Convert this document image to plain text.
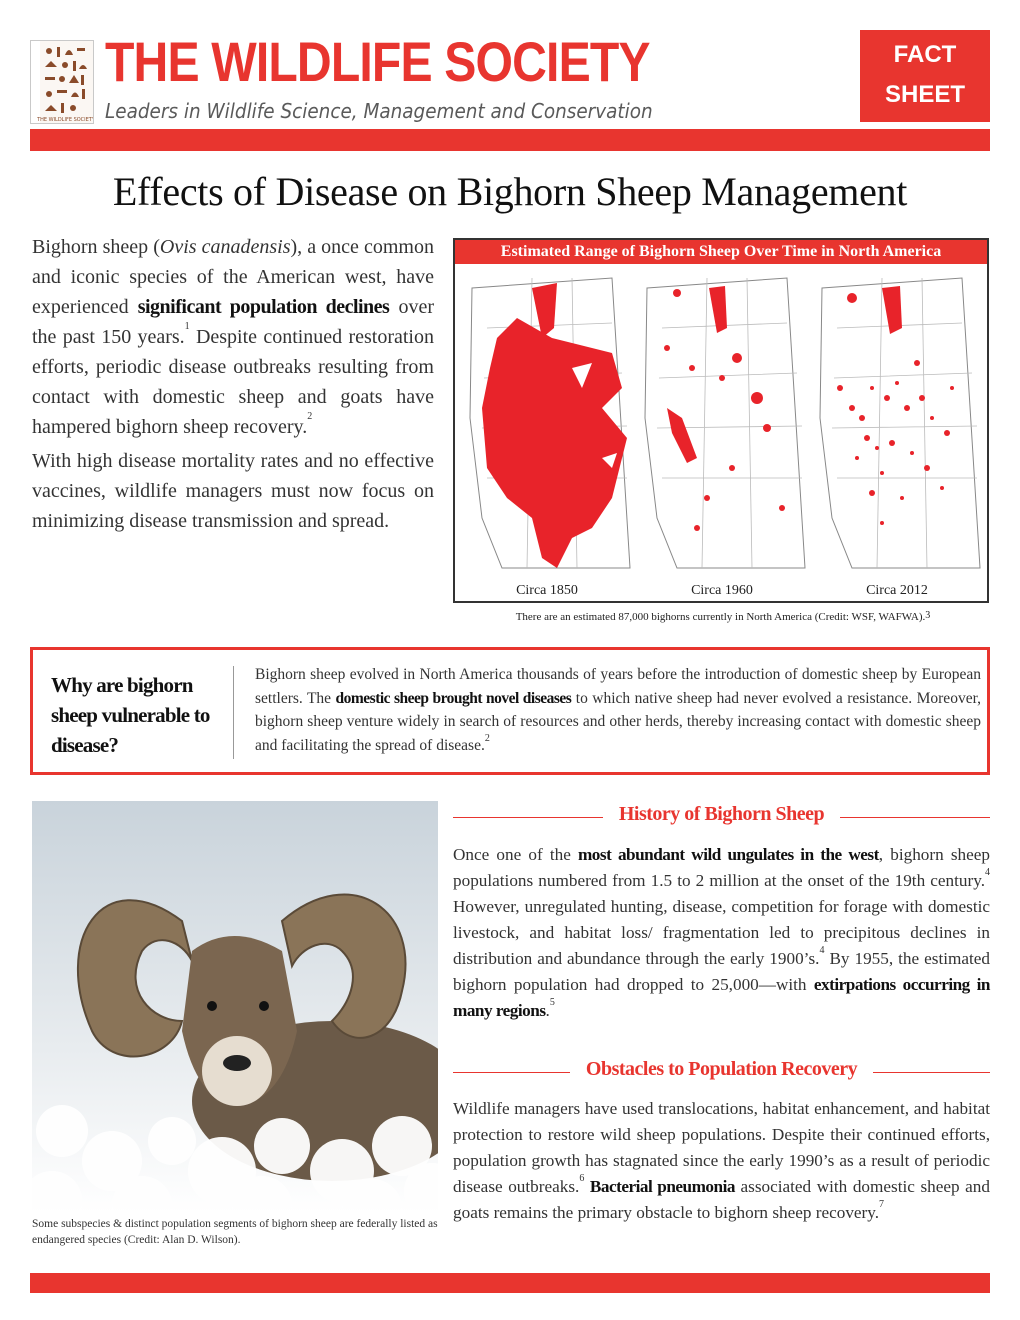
THE WILDLIFE SOCIETY
THE WILDLIFE SOCIETY
Leaders in Wildlife Science, Management and Conservation
FACT
SHEET
Effects of Disease on Bighorn Sheep Management

Bighorn sheep (Ovis canadensis), a once common and iconic species of the American west, have experienced significant population declines over the past 150 years.$^1$ Despite continued restoration efforts, periodic disease outbreaks resulting from contact with domestic sheep and goats have hampered bighorn sheep recovery.$^2$

With high disease mortality rates and no effective vaccines, wildlife managers must now focus on minimizing disease transmission and spread.

Estimated Range of Bighorn Sheep Over Time in North America
Circa 1850	Circa 1960	Circa 2012
There are an estimated 87,000 bighorns currently in North America (Credit: WSF, WAFWA).$^3$
Why are bighorn sheep vulnerable to disease?
Bighorn sheep evolved in North America thousands of years before the introduction of domestic sheep by European settlers. The domestic sheep brought novel diseases to which native sheep had never evolved a resistance. Moreover, bighorn sheep venture widely in search of resources and other herds, thereby increasing contact with domestic sheep and facilitating the spread of disease.$^2$
Some subspecies & distinct population segments of bighorn sheep are federally listed as endangered species (Credit: Alan D. Wilson).
History of Bighorn Sheep
Once one of the most abundant wild ungulates in the west, bighorn sheep populations numbered from 1.5 to 2 million at the onset of the 19th century.$^4$ However, unregulated hunting, disease, competition for forage with domestic livestock, and habitat loss/ fragmentation led to precipitous declines in distribution and abundance through the early 1900’s.$^4$ By 1955, the estimated bighorn population had dropped to 25,000—with extirpations occurring in many regions.$^5$
Obstacles to Population Recovery
Wildlife managers have used translocations, habitat enhancement, and habitat protection to restore wild sheep populations. Despite their continued efforts, population growth has stagnated since the early 1990’s as a result of periodic disease outbreaks.$^6$ Bacterial pneumonia associated with domestic sheep and goats remains the primary obstacle to bighorn sheep recovery.$^7$
